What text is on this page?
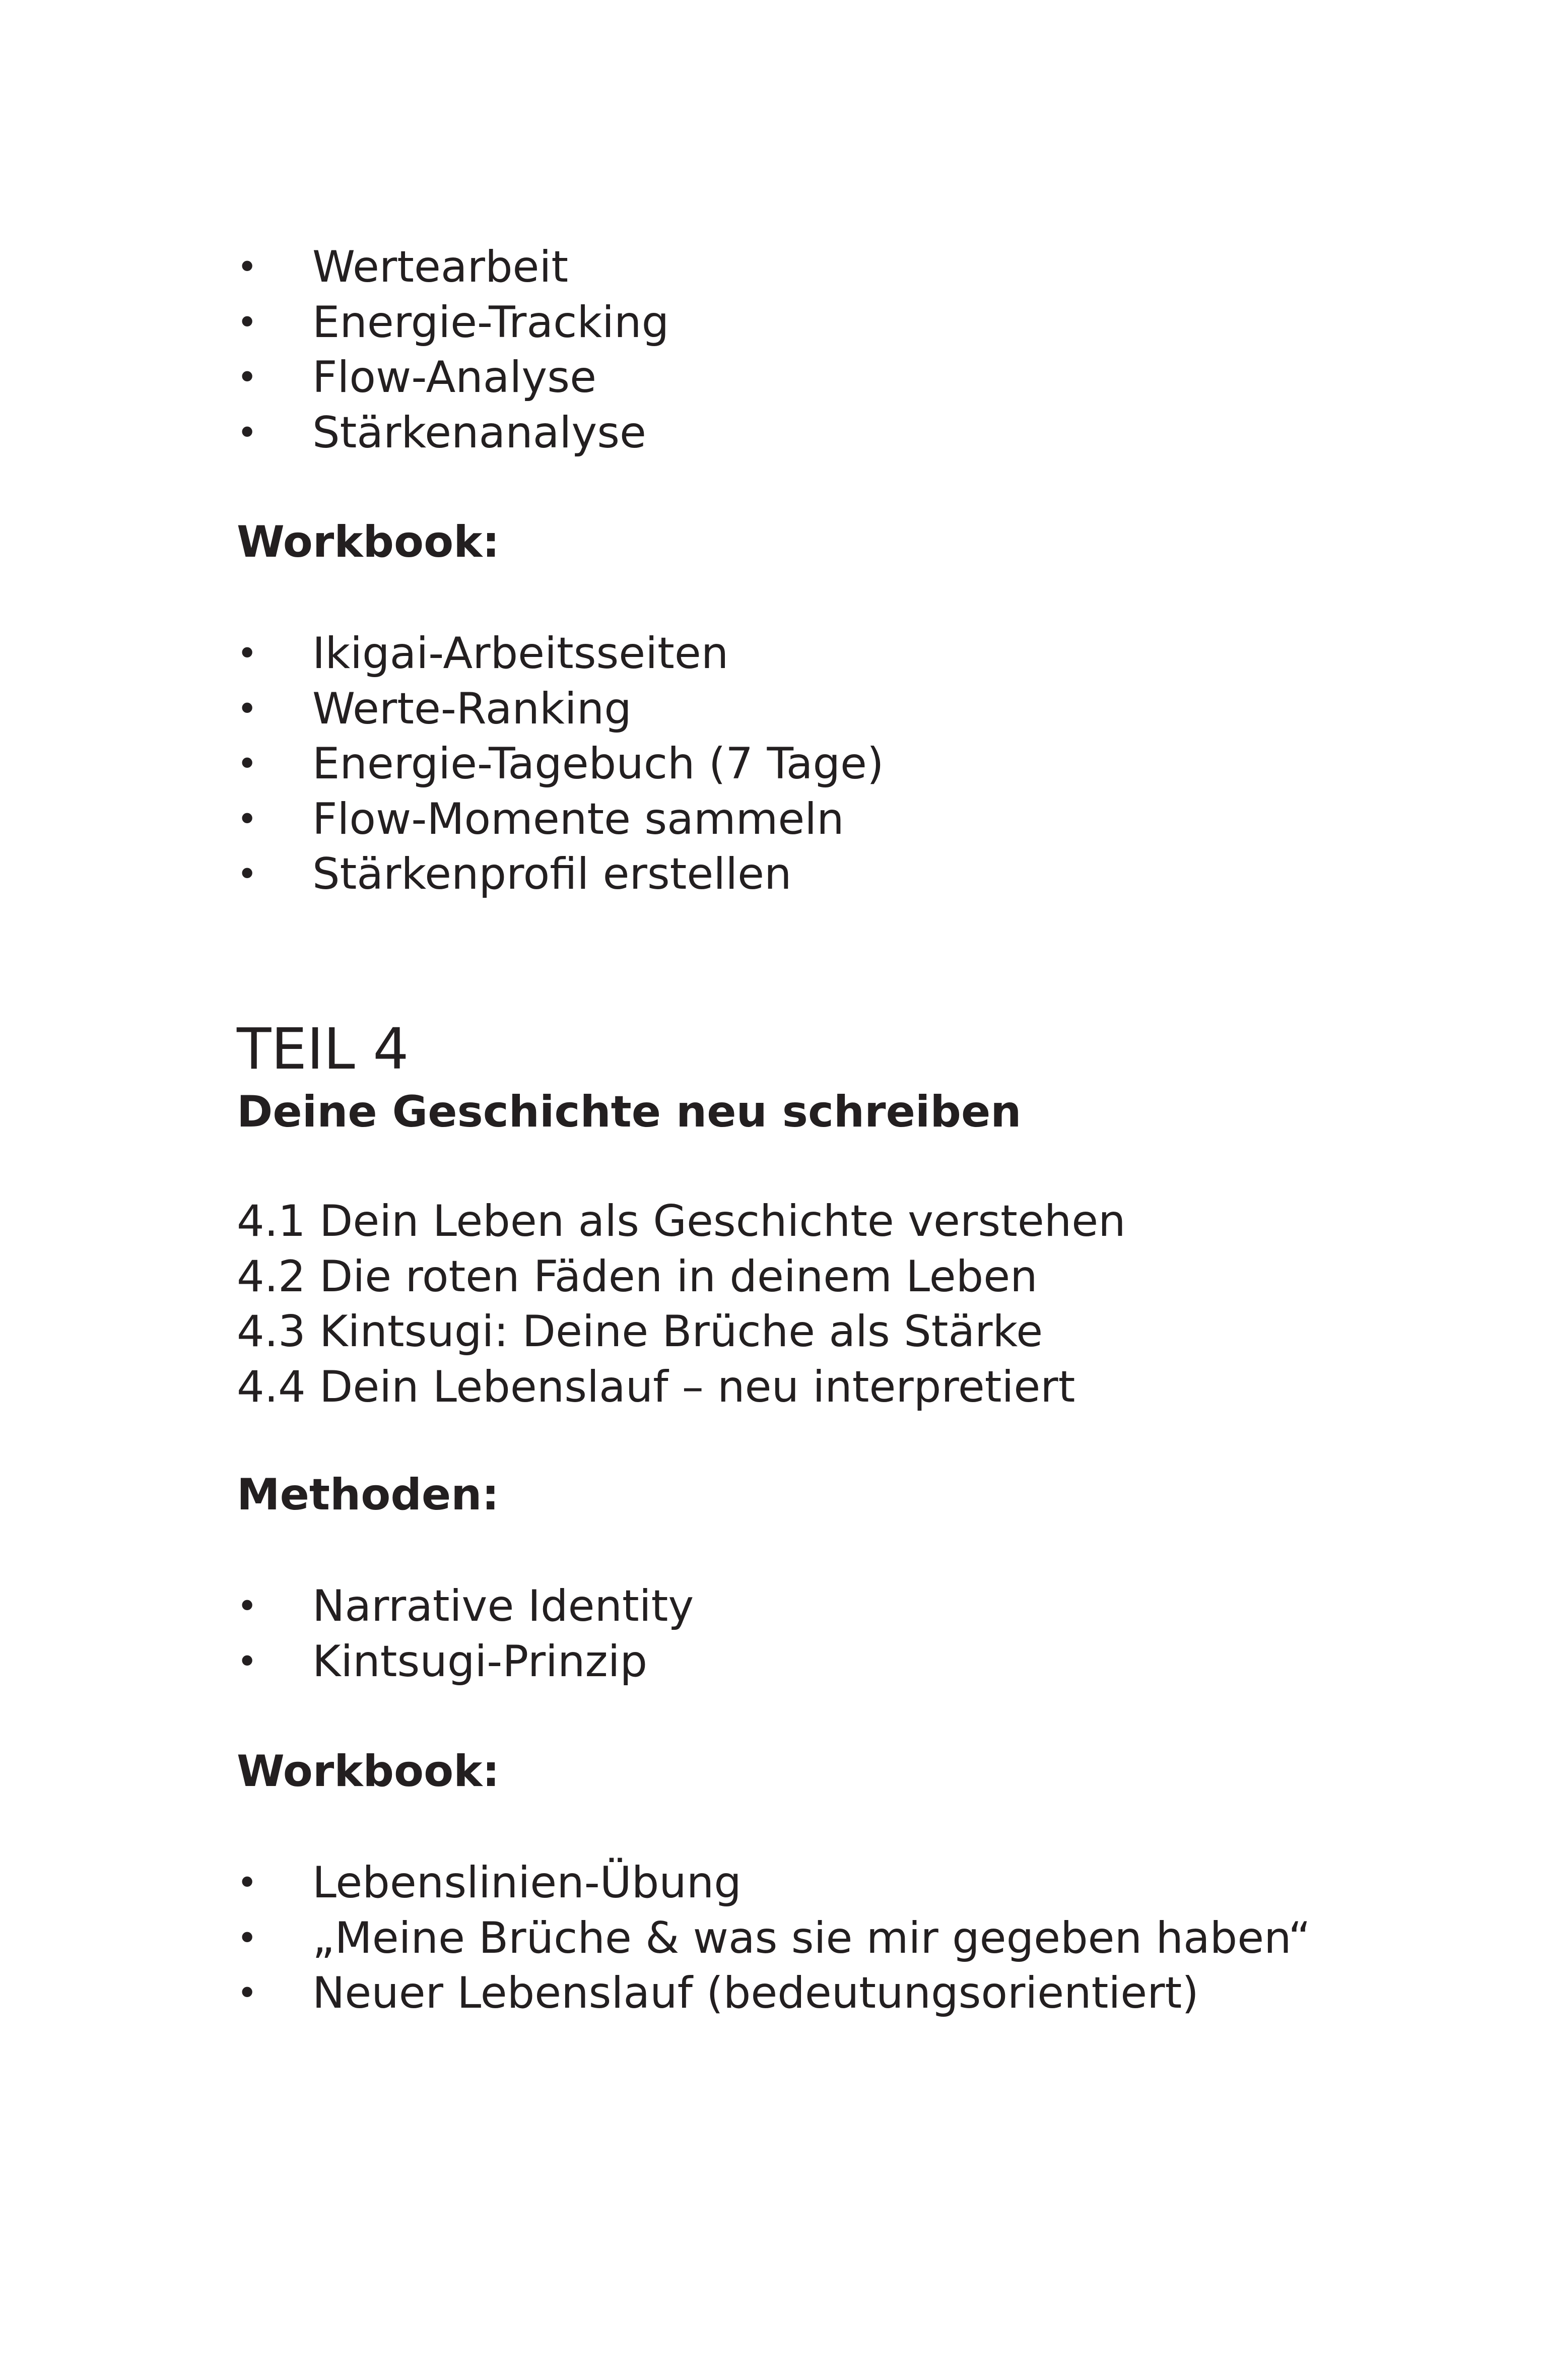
• Wertearbeit
• Energie-Tracking
• Flow-Analyse
• Stärkenanalyse
Workbook:
• Ikigai-Arbeitsseiten
• Werte-Ranking
• Energie-Tagebuch (7 Tage)
• Flow-Momente sammeln
• Stärkenprofil erstellen
TEIL 4
Deine Geschichte neu schreiben
4.1 Dein Leben als Geschichte verstehen
4.2 Die roten Fäden in deinem Leben
4.3 Kintsugi: Deine Brüche als Stärke
4.4 Dein Lebenslauf – neu interpretiert
Methoden:
• Narrative Identity
• Kintsugi-Prinzip
Workbook:
• Lebenslinien-Übung
• „Meine Brüche & was sie mir gegeben haben“
• Neuer Lebenslauf (bedeutungsorientiert)
